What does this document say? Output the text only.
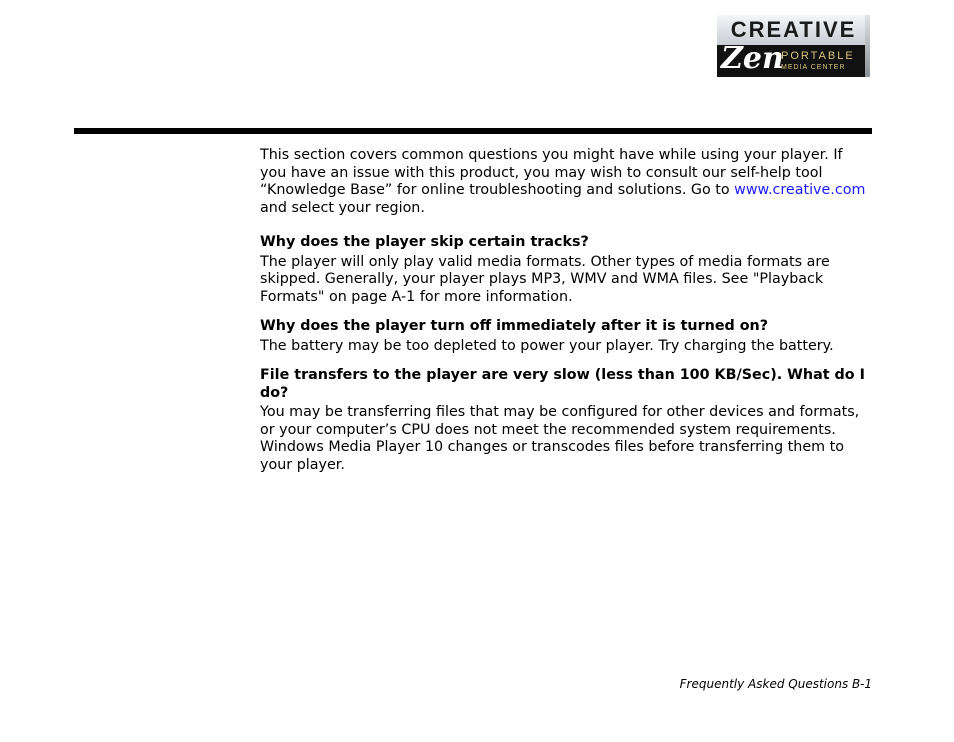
CREATIVE
Zen
PORTABLE
MEDIA CENTER

This section covers common questions you might have while using your player. If you have an issue with this product, you may wish to consult our self-help tool “Knowledge Base” for online troubleshooting and solutions. Go to www.creative.com and select your region.

Why does the player skip certain tracks?

The player will only play valid media formats. Other types of media formats are skipped. Generally, your player plays MP3, WMV and WMA files. See "Playback Formats" on page A-1 for more information.

Why does the player turn off immediately after it is turned on?

The battery may be too depleted to power your player. Try charging the battery.

File transfers to the player are very slow (less than 100 KB/Sec). What do I do?

You may be transferring files that may be configured for other devices and formats, or your computer’s CPU does not meet the recommended system requirements. Windows Media Player 10 changes or transcodes files before transferring them to your player.

Frequently Asked Questions B-1
